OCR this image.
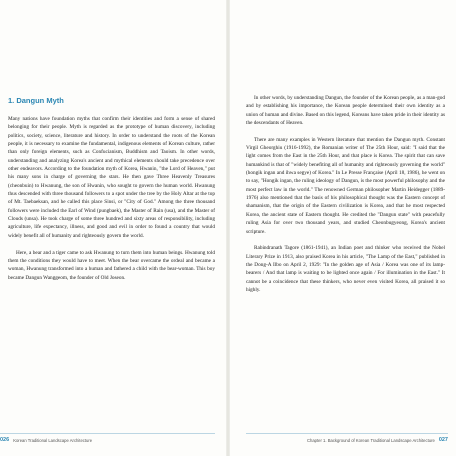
1. Dangun Myth

Many nations have foundation myths that confirm their identities and form a sense of shared belonging for their people. Myth is regarded as the prototype of human discovery, including politics, society, science, literature and history. In order to understand the roots of the Korean people, it is necessary to examine the fundamental, indigenous elements of Korean culture, rather than only foreign elements, such as Confucianism, Buddhism and Taoism. In other words, understanding and analyzing Korea's ancient and mythical elements should take precedence over other endeavors. According to the foundation myth of Korea, Hwanin, "the Lord of Heaven," put his many sons in charge of governing the stars. He then gave Three Heavenly Treasures (cheonbuin) to Hwanung, the son of Hwanin, who sought to govern the human world. Hwanung thus descended with three thousand followers to a spot under the tree by the Holy Altar at the top of Mt. Taebaeksan, and he called this place Sinsi, or "City of God." Among the three thousand followers were included the Earl of Wind (pungbaek), the Master of Rain (usa), and the Master of Clouds (unsa). He took charge of some three hundred and sixty areas of responsibility, including agriculture, life expectancy, illness, and good and evil in order to found a country that would widely benefit all of humanity and righteously govern the world.

Here, a bear and a tiger came to ask Hwanung to turn them into human beings. Hwanung told them the conditions they would have to meet. When the bear overcame the ordeal and became a woman, Hwanung transformed into a human and fathered a child with the bear-woman. This boy became Dangun Wanggeom, the founder of Old Joseon.

026 Korean Traditional Landscape Architecture

In other words, by understanding Dangun, the founder of the Korean people, as a man-god and by establishing his importance, the Korean people determined their own identity as a union of human and divine. Based on this legend, Koreans have taken pride in their identity as the descendants of Heaven.

There are many examples in Western literature that mention the Dangun myth. Constant Virgil Gheorghiu (1916-1992), the Romanian writer of The 25th Hour, said: "I said that the light comes from the East in the 25th Hour, and that place is Korea. The spirit that can save humankind is that of "widely benefiting all of humanity and righteously governing the world" (hongik ingan and ihwa segye) of Korea." In Le Presse Française (April 18, 1986), he went on to say, "Hongik ingan, the ruling ideology of Dangun, is the most powerful philosophy and the most perfect law in the world." The renowned German philosopher Martin Heidegger (1889-1976) also mentioned that the basis of his philosophical thought was the Eastern concept of shamanism, that the origin of the Eastern civilization is Korea, and that he most respected Korea, the ancient state of Eastern thought. He credited the "Dangun state" with peacefully ruling Asia for over two thousand years, and studied Cheonbugyeong, Korea's ancient scripture.

Rabindranath Tagore (1861-1941), an Indian poet and thinker who received the Nobel Literary Prize in 1913, also praised Korea in his article, "The Lamp of the East," published in the Dong-A Ilbo on April 2, 1929: "In the golden age of Asia / Korea was one of its lamp-bearers / And that lamp is waiting to be lighted once again / For illumination in the East." It cannot be a coincidence that these thinkers, who never even visited Korea, all praised it so highly.

Chapter 1. Background of Korean Traditional Landscape Architecture 027
